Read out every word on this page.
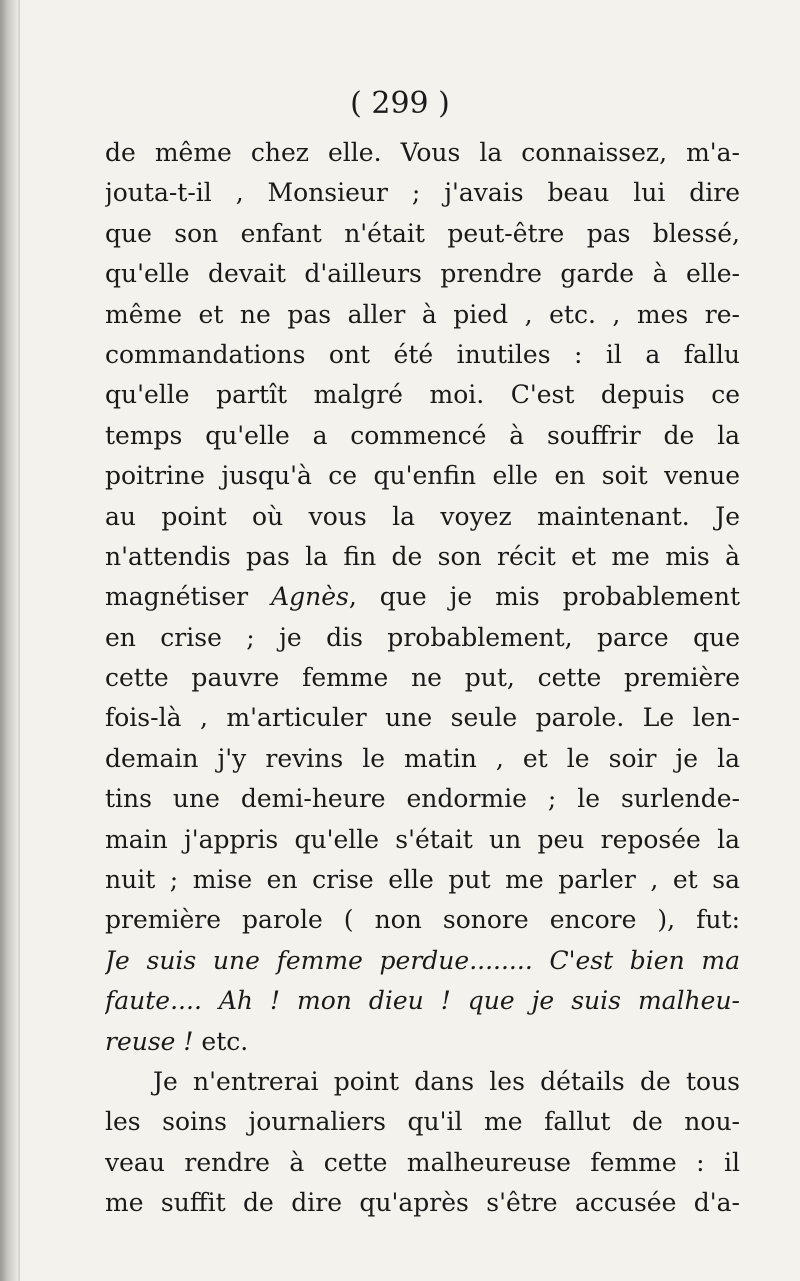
( 299 )
de même chez elle. Vous la connaissez, m'a-
jouta-t-il , Monsieur ; j'avais beau lui dire
que son enfant n'était peut-être pas blessé,
qu'elle devait d'ailleurs prendre garde à elle-
même et ne pas aller à pied , etc. , mes re-
commandations ont été inutiles : il a fallu
qu'elle partît malgré moi. C'est depuis ce
temps qu'elle a commencé à souffrir de la
poitrine jusqu'à ce qu'enfin elle en soit venue
au point où vous la voyez maintenant. Je
n'attendis pas la fin de son récit et me mis à
magnétiser Agnès, que je mis probablement
en crise ; je dis probablement, parce que
cette pauvre femme ne put, cette première
fois-là , m'articuler une seule parole. Le len-
demain j'y revins le matin , et le soir je la
tins une demi-heure endormie ; le surlende-
main j'appris qu'elle s'était un peu reposée la
nuit ; mise en crise elle put me parler , et sa
première parole ( non sonore encore ), fut:
Je suis une femme perdue........ C'est bien ma
faute.... Ah ! mon dieu ! que je suis malheu-
reuse ! etc.
Je n'entrerai point dans les détails de tous
les soins journaliers qu'il me fallut de nou-
veau rendre à cette malheureuse femme : il
me suffit de dire qu'après s'être accusée d'a-
